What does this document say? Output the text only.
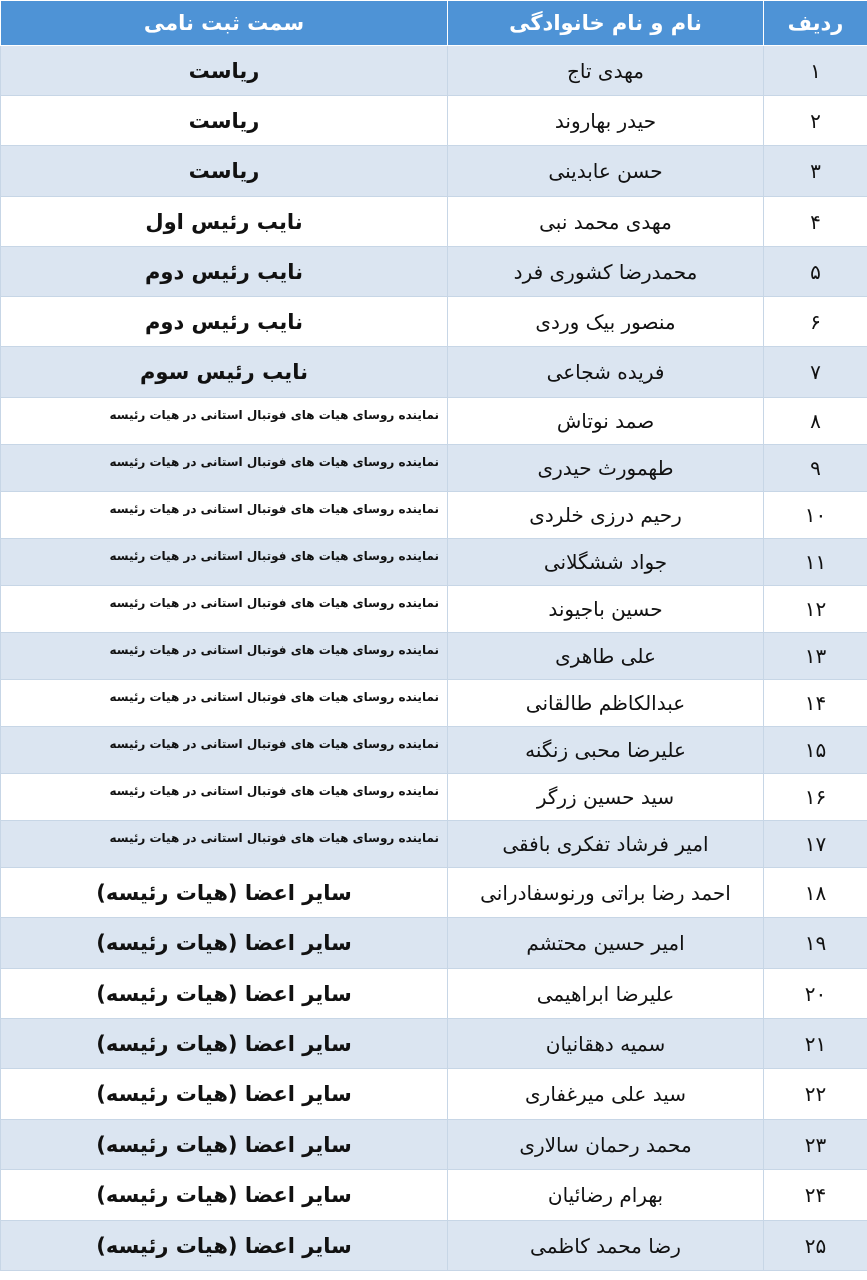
ردیف	نام و نام خانوادگی	سمت ثبت نامی
۱	مهدی تاج	ریاست
۲	حیدر بهاروند	ریاست
۳	حسن عابدینی	ریاست
۴	مهدی محمد نبی	نایب رئیس اول
۵	محمدرضا کشوری فرد	نایب رئیس دوم
۶	منصور بیک وردی	نایب رئیس دوم
۷	فریده شجاعی	نایب رئیس سوم
۸	صمد نوتاش	نماینده روسای هیات های فوتبال استانی در هیات رئیسه
۹	طهمورث حیدری	نماینده روسای هیات های فوتبال استانی در هیات رئیسه
۱۰	رحیم درزی خلردی	نماینده روسای هیات های فوتبال استانی در هیات رئیسه
۱۱	جواد ششگلانی	نماینده روسای هیات های فوتبال استانی در هیات رئیسه
۱۲	حسین باجیوند	نماینده روسای هیات های فوتبال استانی در هیات رئیسه
۱۳	علی طاهری	نماینده روسای هیات های فوتبال استانی در هیات رئیسه
۱۴	عبدالکاظم طالقانی	نماینده روسای هیات های فوتبال استانی در هیات رئیسه
۱۵	علیرضا محبی زنگنه	نماینده روسای هیات های فوتبال استانی در هیات رئیسه
۱۶	سید حسین زرگر	نماینده روسای هیات های فوتبال استانی در هیات رئیسه
۱۷	امیر فرشاد تفکری بافقی	نماینده روسای هیات های فوتبال استانی در هیات رئیسه
۱۸	احمد رضا براتی ورنوسفادرانی	سایر اعضا (هیات رئیسه)
۱۹	امیر حسین محتشم	سایر اعضا (هیات رئیسه)
۲۰	علیرضا ابراهیمی	سایر اعضا (هیات رئیسه)
۲۱	سمیه دهقانیان	سایر اعضا (هیات رئیسه)
۲۲	سید علی میرغفاری	سایر اعضا (هیات رئیسه)
۲۳	محمد رحمان سالاری	سایر اعضا (هیات رئیسه)
۲۴	بهرام رضائیان	سایر اعضا (هیات رئیسه)
۲۵	رضا محمد کاظمی	سایر اعضا (هیات رئیسه)
